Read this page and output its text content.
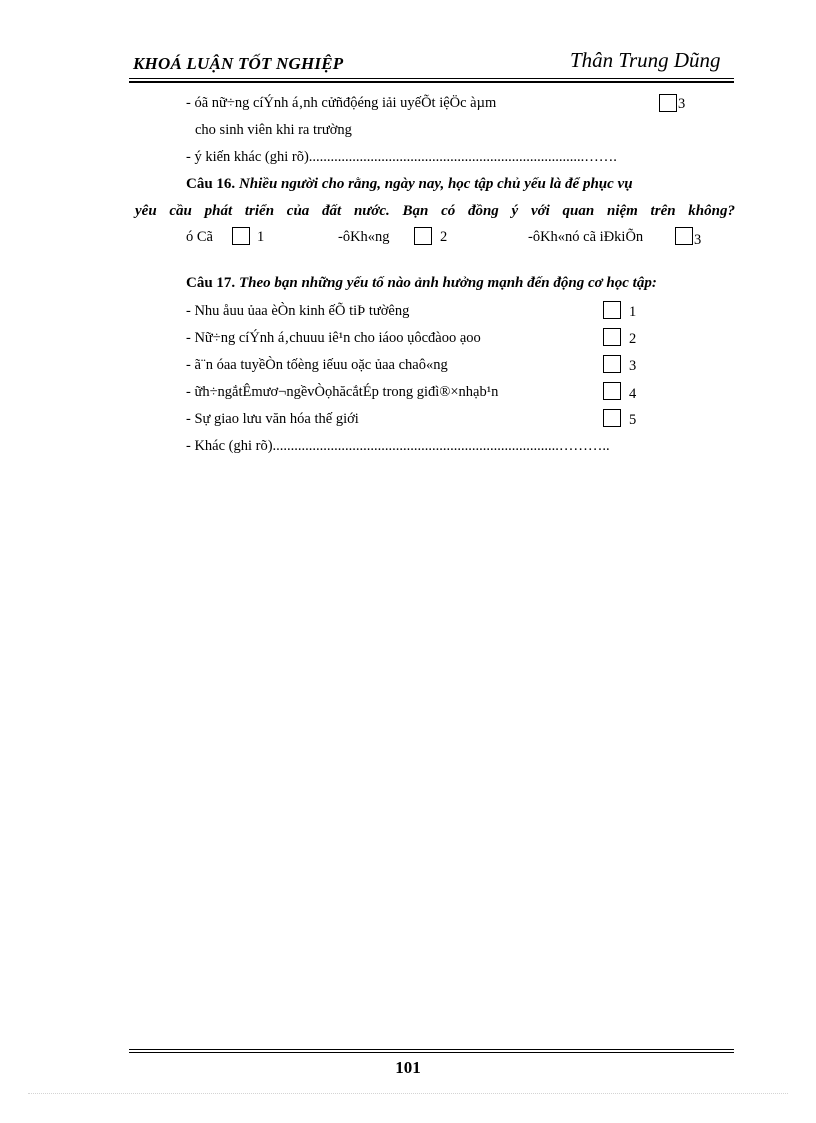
KHOÁ LUẬN TỐT NGHIỆP	Thân Trung Dũng
- óã nữ÷ng cíÝnh á‚nh cửñđộéng iải uyếÕt iệÖc àµm	3
cho sinh viên khi ra trường
- ý kiến khác (ghi rõ)............................................................................…….
Câu 16. Nhiều người cho rằng, ngày nay, học tập chủ yếu là để phục vụ
yêu cầu phát triển của đất nước. Bạn có đồng ý với quan niệm trên không?
ó Cã	1	-ôKh«ng	2	-ôKh«nó cã iÐkiÕn	3
Câu 17. Theo bạn những yếu tố nào ảnh hưởng mạnh đến động cơ học tập:
- Nhu åuu ủaa èÒn kinh ếÕ tiÞ tườêng	1
- Nữ÷ng cíÝnh á‚chuuu iê¹n cho iáoo ụôcđàoo ạoo	2
- ã¨n óaa tuyềÒn tốèng iếuu oặc ủaa chaô«ng	3
- ữh÷ngắtÊmươ¬ngềvÒọhăcắtÉp trong giđì®×nhạb¹n	4
- Sự giao lưu văn hóa thế giới	5
- Khác (ghi rõ)...............................................................................………..
101
